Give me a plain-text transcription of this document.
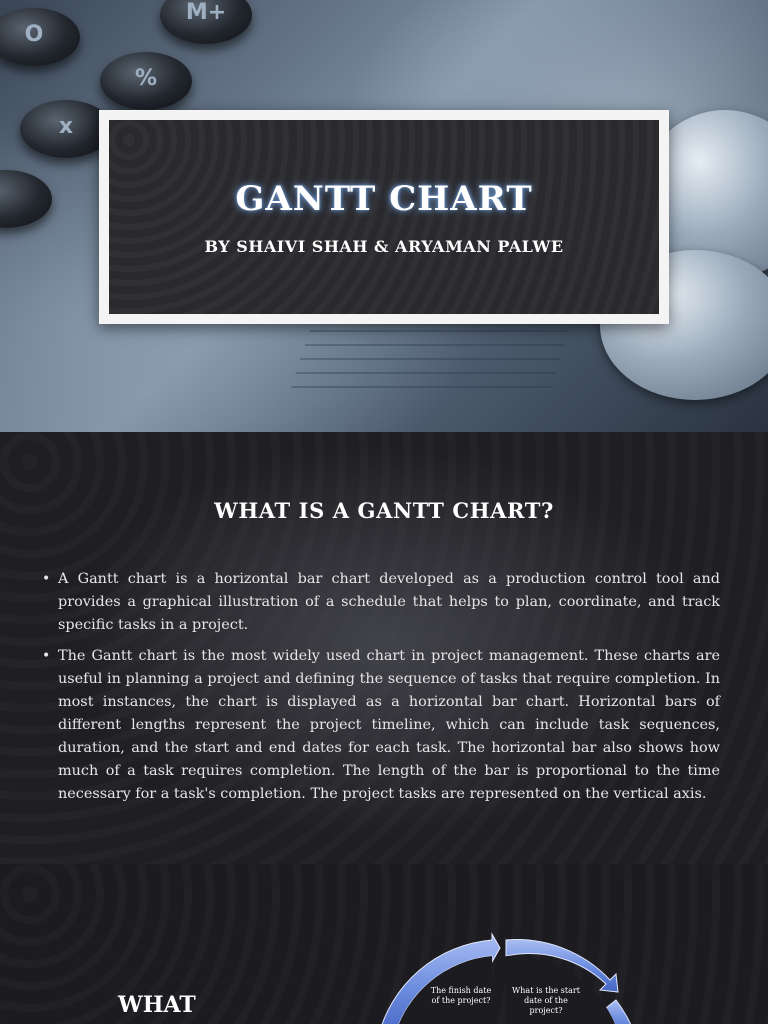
O
M+
%
x
GANTT CHART
BY SHAIVI SHAH & ARYAMAN PALWE
WHAT IS A GANTT CHART?
• A Gantt chart is a horizontal bar chart developed as a production control tool and provides a graphical illustration of a schedule that helps to plan, coordinate, and track specific tasks in a project.
• The Gantt chart is the most widely used chart in project management. These charts are useful in planning a project and defining the sequence of tasks that require completion. In most instances, the chart is displayed as a horizontal bar chart. Horizontal bars of different lengths represent the project timeline, which can include task sequences, duration, and the start and end dates for each task. The horizontal bar also shows how much of a task requires completion. The length of the bar is proportional to the time necessary for a task's completion. The project tasks are represented on the vertical axis.
WHAT
The finish date of the project?
What is the start date of the project?
